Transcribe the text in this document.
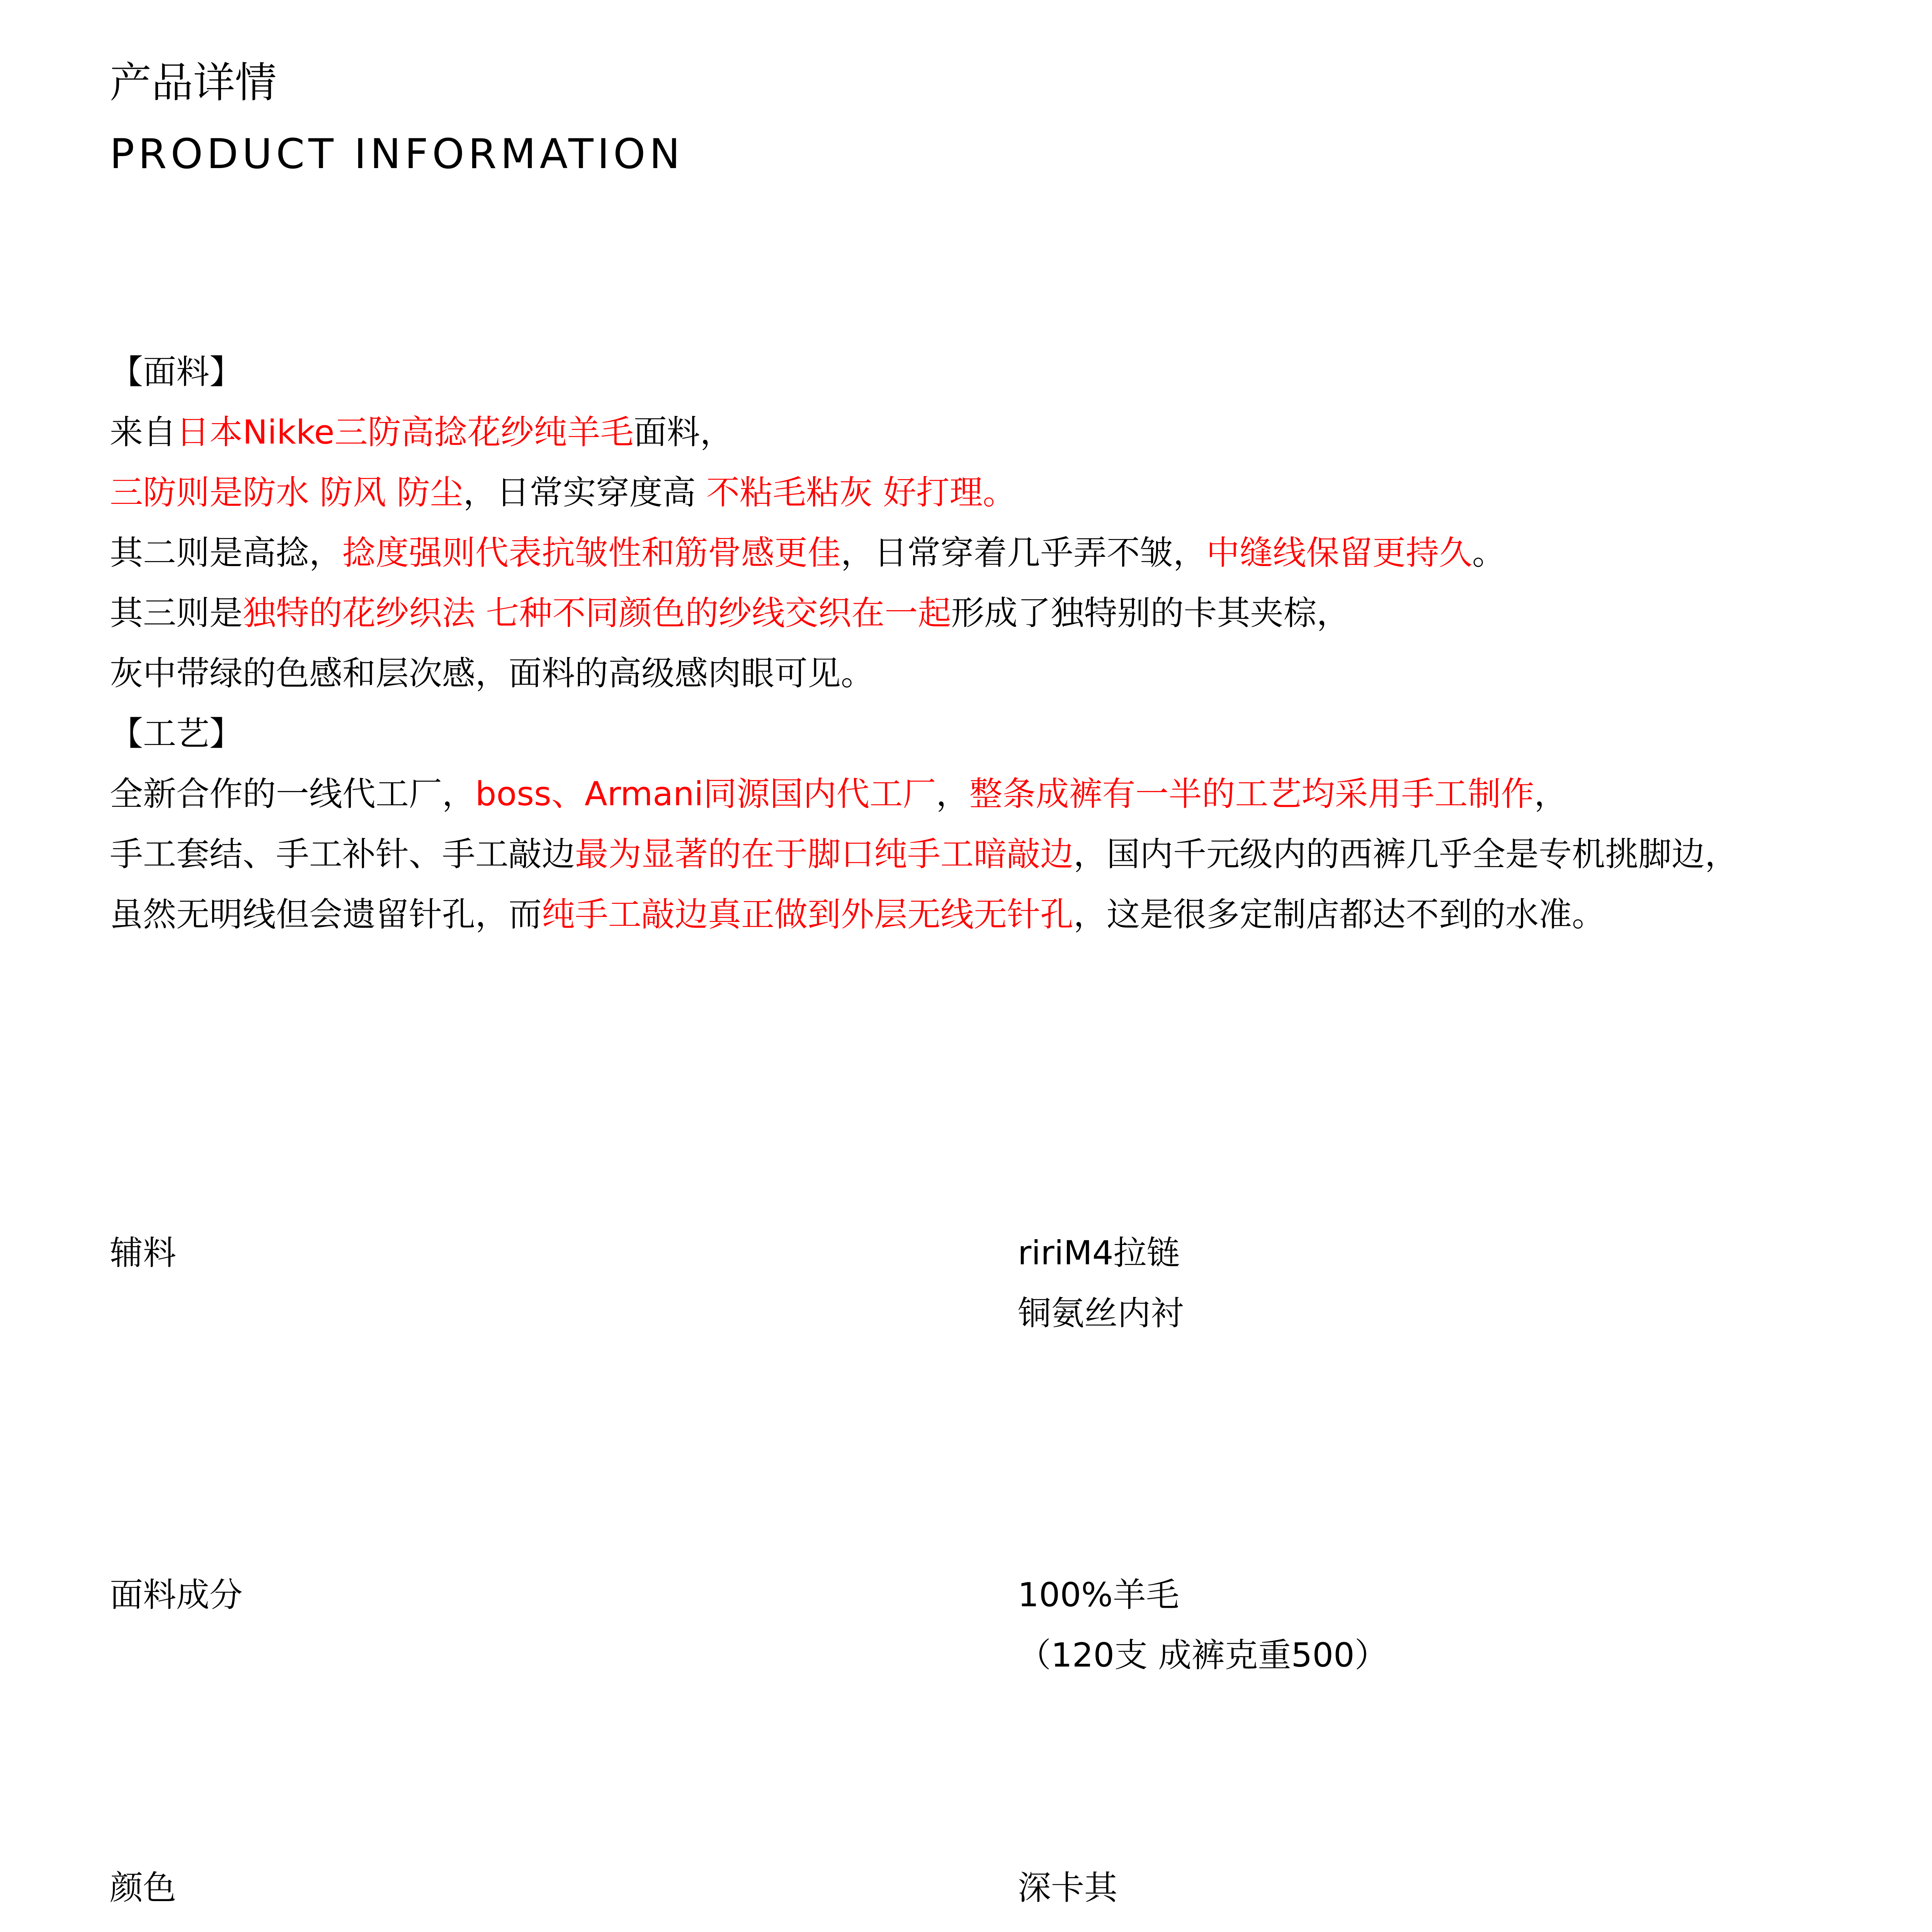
产品详情
PRODUCT INFORMATION
【面料】
来自日本Nikke三防高捻花纱纯羊毛面料，
三防则是防水 防风 防尘，日常实穿度高 不粘毛粘灰 好打理。
其二则是高捻，捻度强则代表抗皱性和筋骨感更佳，日常穿着几乎弄不皱，中缝线保留更持久。
其三则是独特的花纱织法 七种不同颜色的纱线交织在一起形成了独特别的卡其夹棕，
灰中带绿的色感和层次感，面料的高级感肉眼可见。
【工艺】
全新合作的一线代工厂，boss、Armani同源国内代工厂，整条成裤有一半的工艺均采用手工制作，
手工套结、手工补针、手工敲边最为显著的在于脚口纯手工暗敲边，国内千元级内的西裤几乎全是专机挑脚边，
虽然无明线但会遗留针孔，而纯手工敲边真正做到外层无线无针孔，这是很多定制店都达不到的水准。
辅料	ririM4拉链
铜氨丝内衬
面料成分	100%羊毛
（120支 成裤克重500）
颜色	深卡其
